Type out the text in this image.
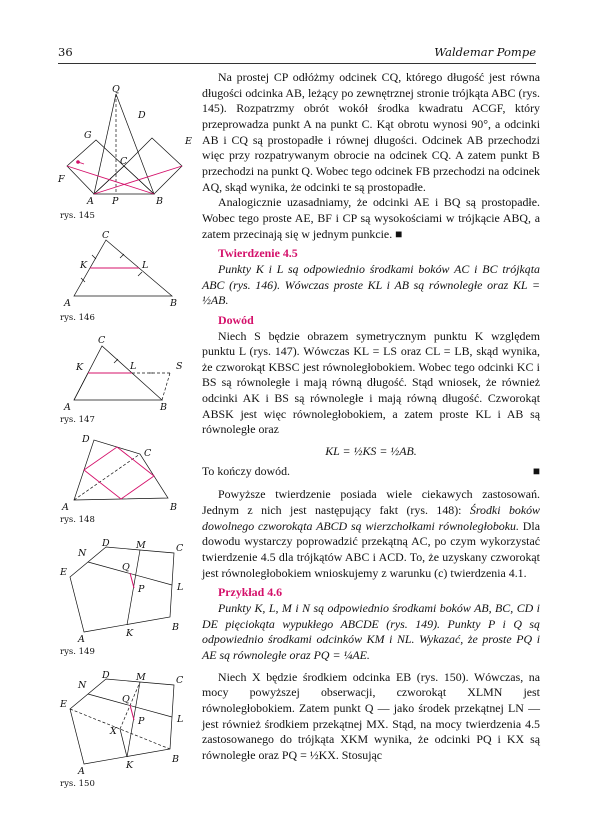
36	Waldemar Pompe
Q
D
G
E
C
F
A P	B
rys. 145
C
K	L
A	B
rys. 146
C
K	L	S
A	B
rys. 147
D
C
A	B
rys. 148
D	M	C
N
Q
E
P	L
B
K
A
rys. 149
D	M	C
N
Q
E
P	L
X
B
K
A
rys. 150

Na prostej CP odłóżmy odcinek CQ, którego długość jest równa długości odcinka AB, leżący po zewnętrznej stronie trójkąta ABC (rys. 145). Rozpatrzmy obrót wokół środka kwadratu ACGF, który przeprowadza punkt A na punkt C. Kąt obrotu wynosi 90°, a odcinki AB i CQ są prostopadłe i równej długości. Odcinek AB przechodzi więc przy rozpatrywanym obrocie na odcinek CQ. A zatem punkt B przechodzi na punkt Q. Wobec tego odcinek FB przechodzi na odcinek AQ, skąd wynika, że odcinki te są prostopadłe.

Analogicznie uzasadniamy, że odcinki AE i BQ są prostopadłe. Wobec tego proste AE, BF i CP są wysokościami w trójkącie ABQ, a zatem przecinają się w jednym punkcie. ■

Twierdzenie 4.5

Punkty K i L są odpowiednio środkami boków AC i BC trójkąta ABC (rys. 146). Wówczas proste KL i AB są równoległe oraz KL = ½AB.

Dowód

Niech S będzie obrazem symetrycznym punktu K względem punktu L (rys. 147). Wówczas KL = LS oraz CL = LB, skąd wynika, że czworokąt KBSC jest równoległobokiem. Wobec tego odcinki KC i BS są równoległe i mają równą długość. Stąd wniosek, że również odcinki AK i BS są równoległe i mają równą długość. Czworokąt ABSK jest więc równoległobokiem, a zatem proste KL i AB są równoległe oraz

KL = ½KS = ½AB.

To kończy dowód.	■

Powyższe twierdzenie posiada wiele ciekawych zastosowań. Jednym z nich jest następujący fakt (rys. 148): Środki boków dowolnego czworokąta ABCD są wierzchołkami równoległoboku. Dla dowodu wystarczy poprowadzić przekątną AC, po czym wykorzystać twierdzenie 4.5 dla trójkątów ABC i ACD. To, że uzyskany czworokąt jest równoległobokiem wnioskujemy z warunku (c) twierdzenia 4.1.

Przykład 4.6

Punkty K, L, M i N są odpowiednio środkami boków AB, BC, CD i DE pięciokąta wypukłego ABCDE (rys. 149). Punkty P i Q są odpowiednio środkami odcinków KM i NL. Wykazać, że proste PQ i AE są równoległe oraz PQ = ¼AE.

Niech X będzie środkiem odcinka EB (rys. 150). Wówczas, na mocy powyższej obserwacji, czworokąt XLMN jest równoległobokiem. Zatem punkt Q — jako środek przekątnej LN — jest również środkiem przekątnej MX. Stąd, na mocy twierdzenia 4.5 zastosowanego do trójkąta XKM wynika, że odcinki PQ i KX są równoległe oraz PQ = ½KX. Stosując
